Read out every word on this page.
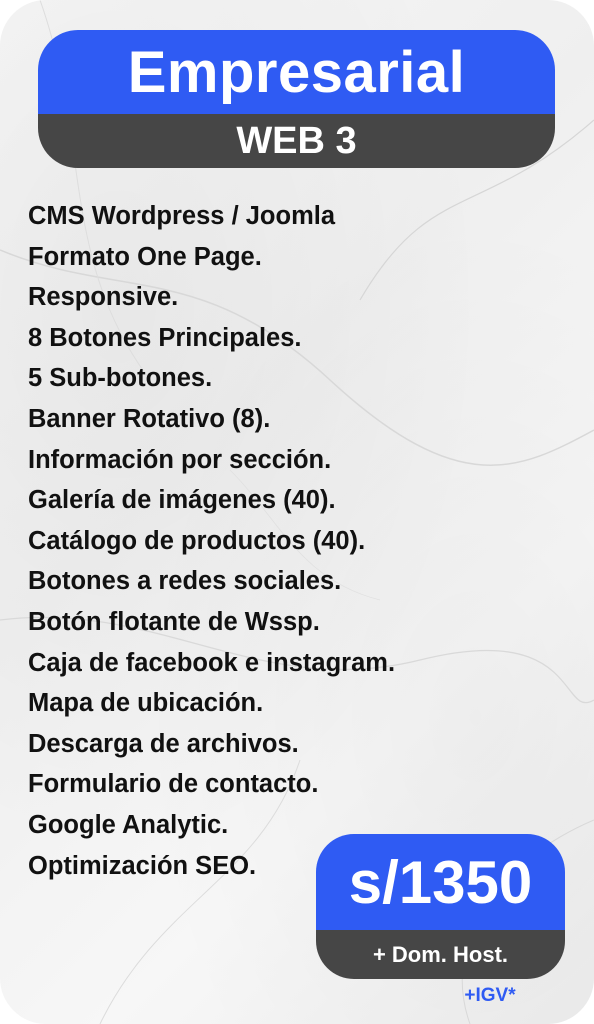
Empresarial
WEB 3
CMS Wordpress / Joomla
Formato One Page.
Responsive.
8 Botones Principales.
5 Sub-botones.
Banner Rotativo (8).
Información por sección.
Galería de imágenes (40).
Catálogo de productos (40).
Botones a redes sociales.
Botón flotante de Wssp.
Caja de facebook e instagram.
Mapa de ubicación.
Descarga de archivos.
Formulario de contacto.
Google Analytic.
Optimización SEO.	s/1350
+ Dom. Host.
+IGV*
